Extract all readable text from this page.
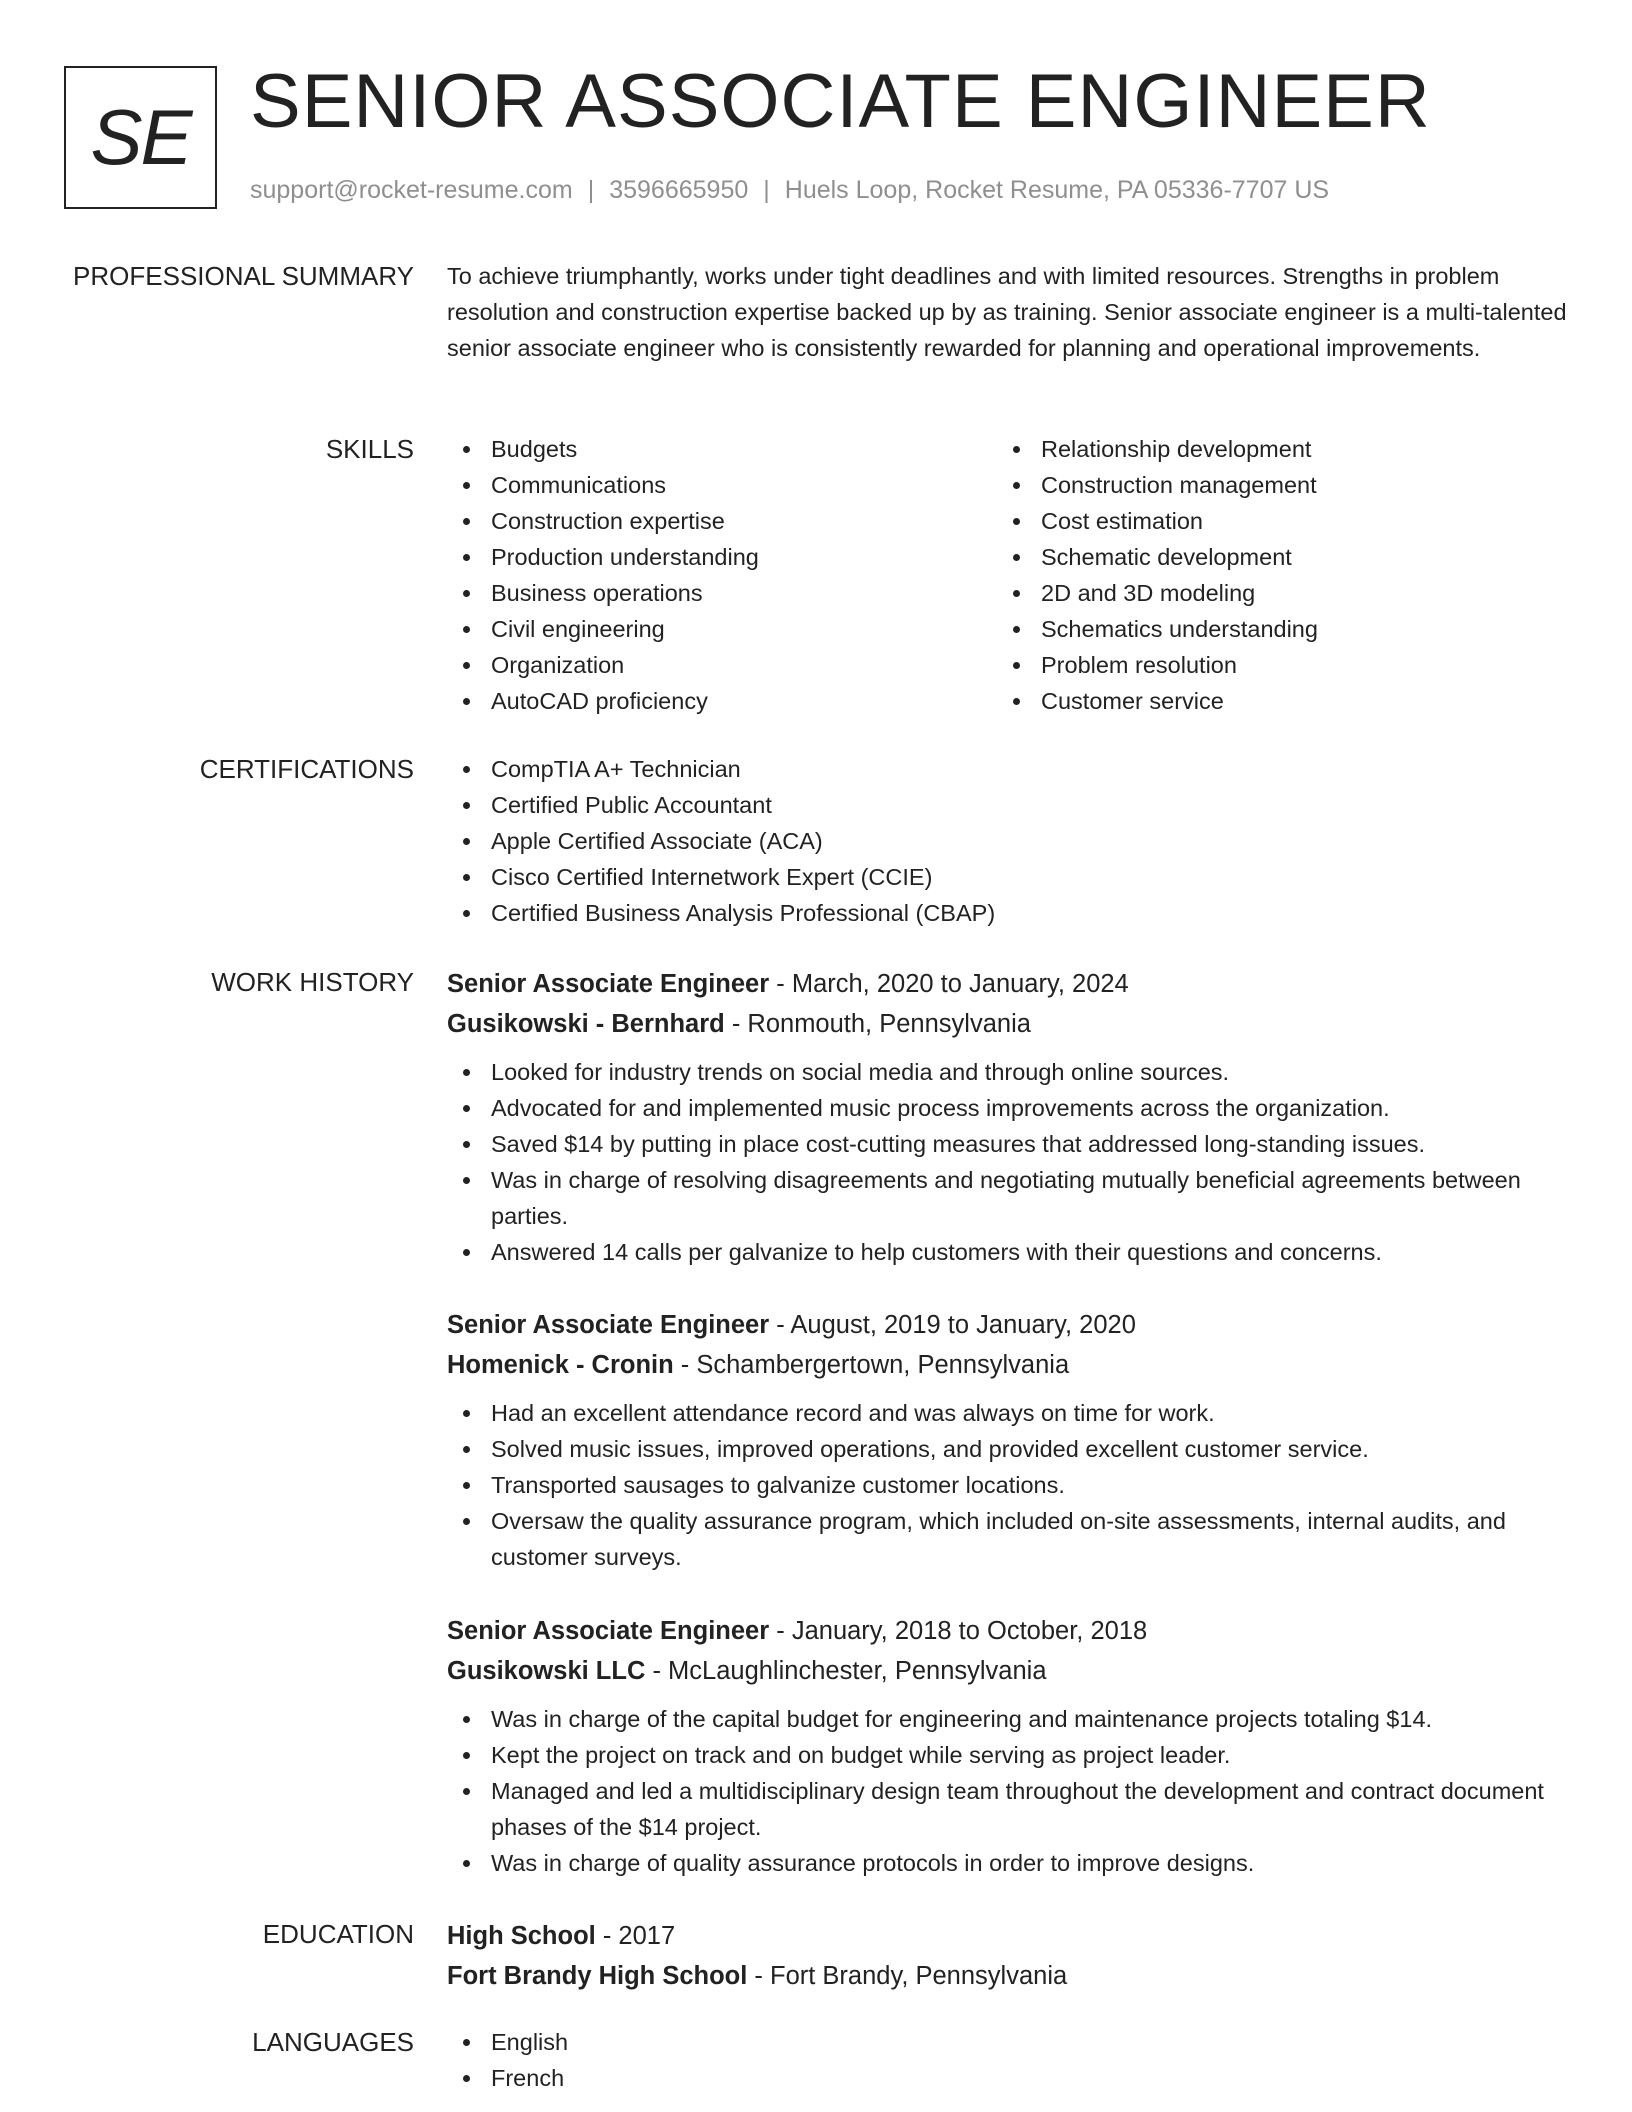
SE SENIOR ASSOCIATE ENGINEER
support@rocket-resume.com | 3596665950 | Huels Loop, Rocket Resume, PA 05336-7707 US
PROFESSIONAL SUMMARY To achieve triumphantly, works under tight deadlines and with limited resources. Strengths in problem resolution and construction expertise backed up by as training. Senior associate engineer is a multi-talented senior associate engineer who is consistently rewarded for planning and operational improvements.

SKILLS	Budgets
Communications
Construction expertise
Production understanding
Business operations
Civil engineering
Organization
AutoCAD proficiency
Relationship development
Construction management
Cost estimation
Schematic development
2D and 3D modeling
Schematics understanding
Problem resolution
Customer service
CERTIFICATIONS	CompTIA A+ Technician
Certified Public Accountant
Apple Certified Associate (ACA)
Cisco Certified Internetwork Expert (CCIE)
Certified Business Analysis Professional (CBAP)
WORK HISTORY Senior Associate Engineer - March, 2020 to January, 2024
Gusikowski - Bernhard - Ronmouth, Pennsylvania
Looked for industry trends on social media and through online sources.
Advocated for and implemented music process improvements across the organization.
Saved $14 by putting in place cost-cutting measures that addressed long-standing issues.
Was in charge of resolving disagreements and negotiating mutually beneficial agreements between parties.
Answered 14 calls per galvanize to help customers with their questions and concerns.
Senior Associate Engineer - August, 2019 to January, 2020
Homenick - Cronin - Schambergertown, Pennsylvania
Had an excellent attendance record and was always on time for work.
Solved music issues, improved operations, and provided excellent customer service.
Transported sausages to galvanize customer locations.
Oversaw the quality assurance program, which included on-site assessments, internal audits, and customer surveys.
Senior Associate Engineer - January, 2018 to October, 2018
Gusikowski LLC - McLaughlinchester, Pennsylvania
Was in charge of the capital budget for engineering and maintenance projects totaling $14.
Kept the project on track and on budget while serving as project leader.
Managed and led a multidisciplinary design team throughout the development and contract document phases of the $14 project.
Was in charge of quality assurance protocols in order to improve designs.
EDUCATION High School - 2017
Fort Brandy High School - Fort Brandy, Pennsylvania
LANGUAGES	English
French
